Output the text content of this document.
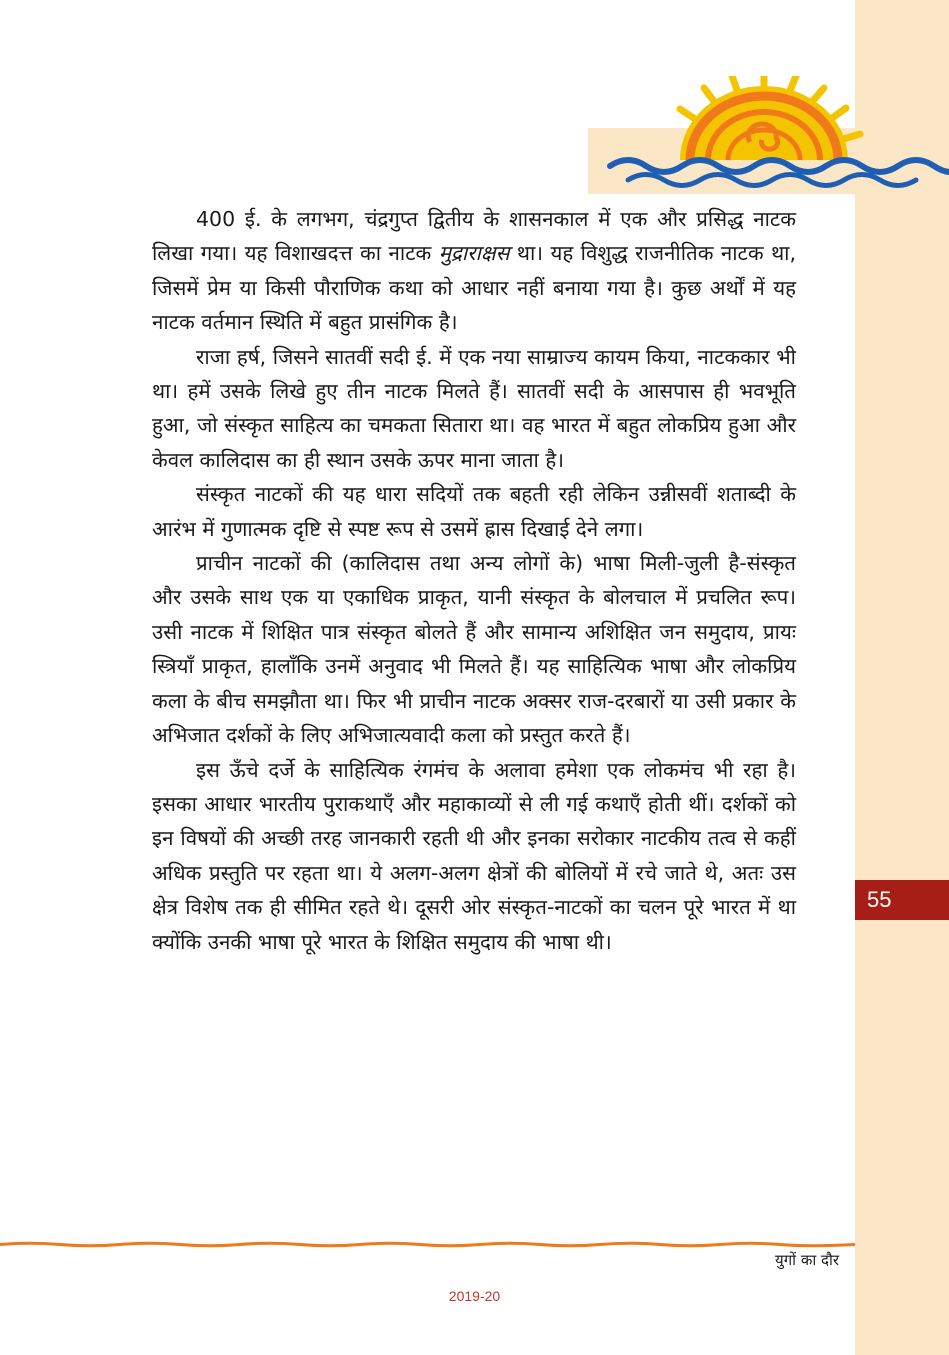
400 ई. के लगभग, चंद्रगुप्त द्वितीय के शासनकाल में एक और प्रसिद्ध नाटक लिखा गया। यह विशाखदत्त का नाटक मुद्राराक्षस था। यह विशुद्ध राजनीतिक नाटक था, जिसमें प्रेम या किसी पौराणिक कथा को आधार नहीं बनाया गया है। कुछ अर्थों में यह नाटक वर्तमान स्थिति में बहुत प्रासंगिक है।

राजा हर्ष, जिसने सातवीं सदी ई. में एक नया साम्राज्य कायम किया, नाटककार भी था। हमें उसके लिखे हुए तीन नाटक मिलते हैं। सातवीं सदी के आसपास ही भवभूति हुआ, जो संस्कृत साहित्य का चमकता सितारा था। वह भारत में बहुत लोकप्रिय हुआ और केवल कालिदास का ही स्थान उसके ऊपर माना जाता है।

संस्कृत नाटकों की यह धारा सदियों तक बहती रही लेकिन उन्नीसवीं शताब्दी के आरंभ में गुणात्मक दृष्टि से स्पष्ट रूप से उसमें ह्रास दिखाई देने लगा।

प्राचीन नाटकों की (कालिदास तथा अन्य लोगों के) भाषा मिली-जुली है-संस्कृत और उसके साथ एक या एकाधिक प्राकृत, यानी संस्कृत के बोलचाल में प्रचलित रूप। उसी नाटक में शिक्षित पात्र संस्कृत बोलते हैं और सामान्य अशिक्षित जन समुदाय, प्रायः स्त्रियाँ प्राकृत, हालाँकि उनमें अनुवाद भी मिलते हैं। यह साहित्यिक भाषा और लोकप्रिय कला के बीच समझौता था। फिर भी प्राचीन नाटक अक्सर राज-दरबारों या उसी प्रकार के अभिजात दर्शकों के लिए अभिजात्यवादी कला को प्रस्तुत करते हैं।

इस ऊँचे दर्जे के साहित्यिक रंगमंच के अलावा हमेशा एक लोकमंच भी रहा है। इसका आधार भारतीय पुराकथाएँ और महाकाव्यों से ली गई कथाएँ होती थीं। दर्शकों को इन विषयों की अच्छी तरह जानकारी रहती थी और इनका सरोकार नाटकीय तत्व से कहीं अधिक प्रस्तुति पर रहता था। ये अलग-अलग क्षेत्रों की बोलियों में रचे जाते थे, अतः उस क्षेत्र विशेष तक ही सीमित रहते थे। दूसरी ओर संस्कृत-नाटकों का चलन पूरे भारत में था क्योंकि उनकी भाषा पूरे भारत के शिक्षित समुदाय की भाषा थी।

55
युगों का दौर
2019-20
